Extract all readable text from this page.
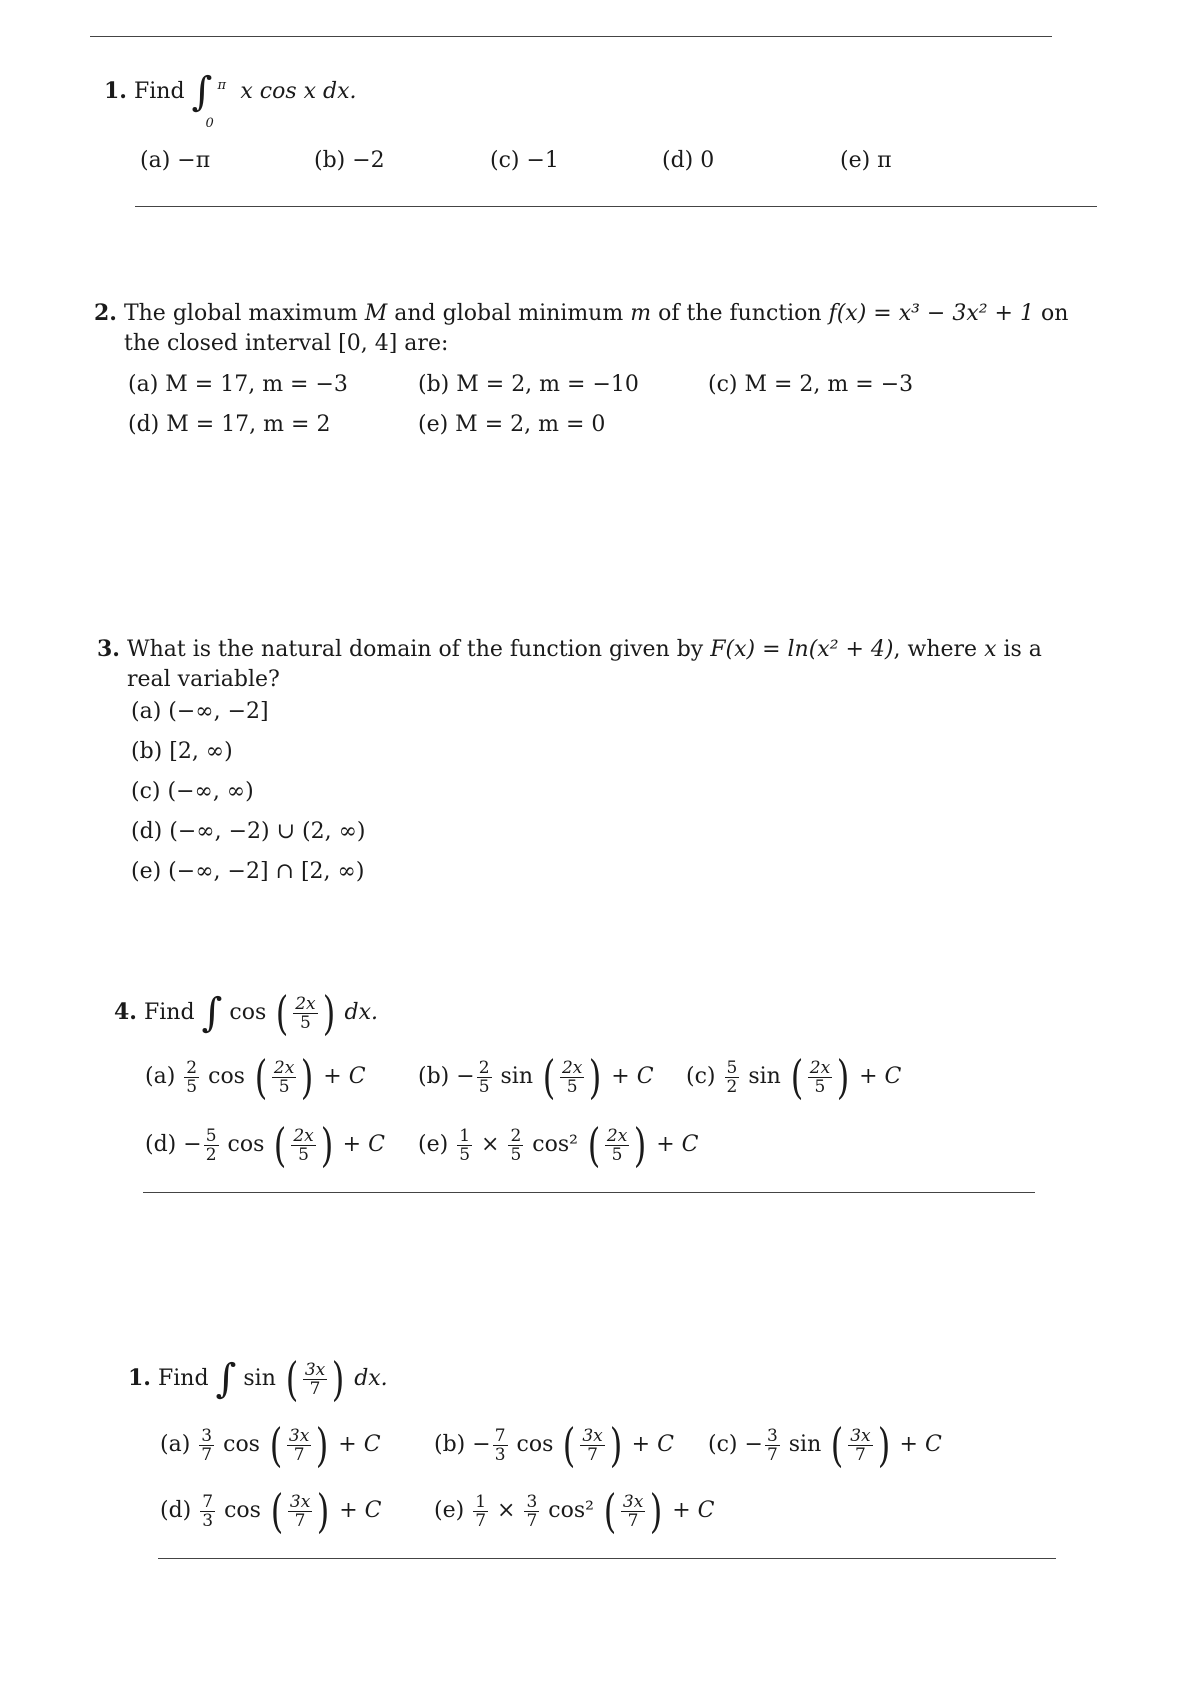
1. Find ∫ π
0
x cos x dx.
(a) −π	(b) −2	(c) −1	(d) 0	(e) π
2. The global maximum M and global minimum m of the function f(x) = x³ − 3x² + 1 on
the closed interval [0, 4] are:
(a) M = 17, m = −3	(b) M = 2, m = −10	(c) M = 2, m = −3
(d) M = 17, m = 2	(e) M = 2, m = 0
3. What is the natural domain of the function given by F(x) = ln(x² + 4), where x is a
real variable?
(a) (−∞, −2]
(b) [2, ∞)
(c) (−∞, ∞)
(d) (−∞, −2) ∪ (2, ∞)
(e) (−∞, −2] ∩ [2, ∞)
4. Find ∫ cos ( $\frac{2x}{5}$ ) dx.
$(a) \frac{2}{5}$ cos ( $\frac{2x}{5}$ ) + C $(b) - \frac{2}{5}$ sin ( $\frac{2x}{5}$ ) + C $(c) \frac{5}{2}$ sin ( $\frac{2x}{5}$ ) + C
$(d) - \frac{5}{2}$ cos ( $\frac{2x}{5}$ ) + C $(e) \frac{1}{5} \times \frac{2}{5} \cos^2$ ( $\frac{2x}{5}$ ) + C
1. Find ∫ sin ( $\frac{3x}{7}$ ) dx.
$(a) \frac{3}{7}$ cos ( $\frac{3x}{7}$ ) + C $(b) - \frac{7}{3}$ cos ( $\frac{3x}{7}$ ) + C $(c) - \frac{3}{7}$ sin ( $\frac{3x}{7}$ ) + C
$(d) \frac{7}{3}$ cos ( $\frac{3x}{7}$ ) + C $(e) \frac{1}{7} \times \frac{3}{7} \cos^2$ ( $\frac{3x}{7}$ ) + C
